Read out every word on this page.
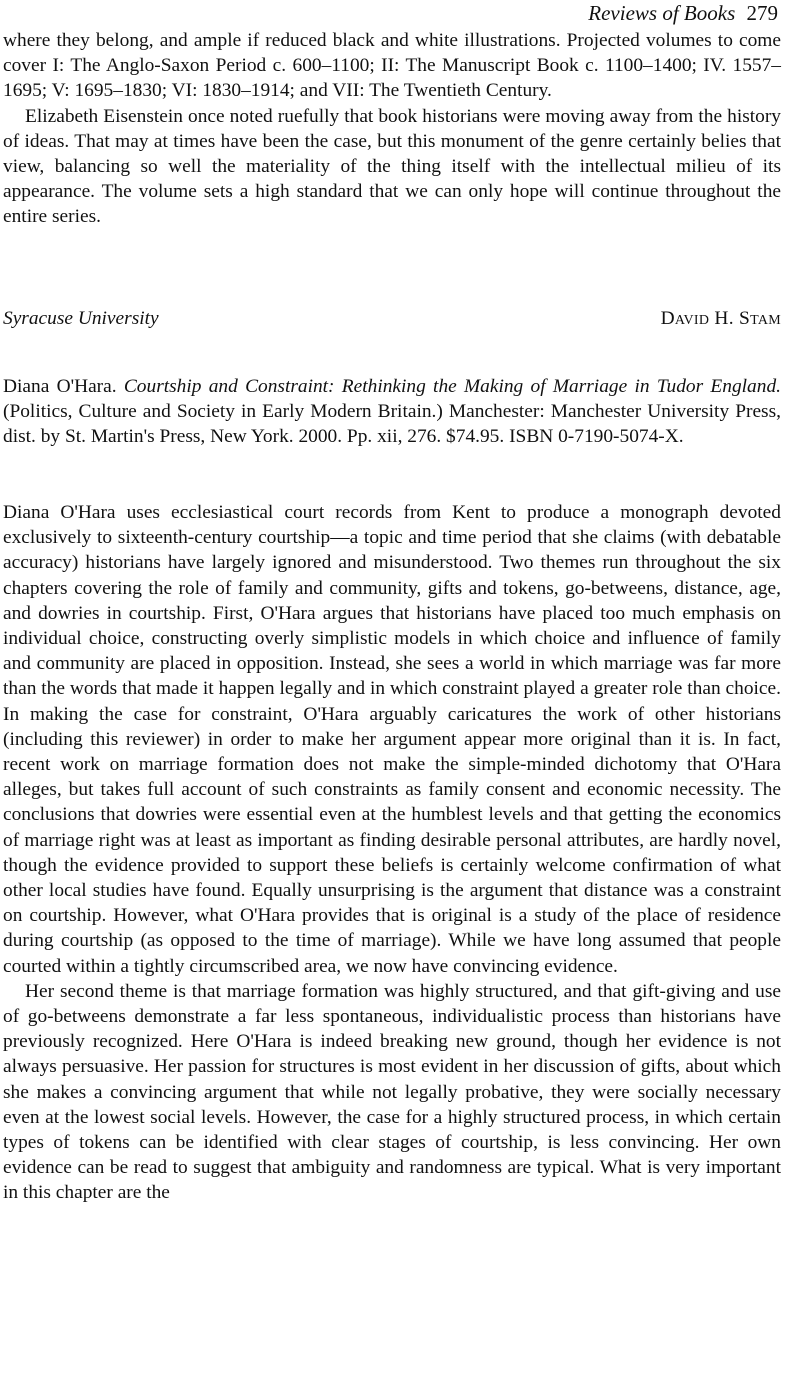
Reviews of Books 279

where they belong, and ample if reduced black and white illustrations. Projected volumes to come cover I: The Anglo-Saxon Period c. 600–1100; II: The Manuscript Book c. 1100–1400; IV. 1557–1695; V: 1695–1830; VI: 1830–1914; and VII: The Twentieth Century.

Elizabeth Eisenstein once noted ruefully that book historians were moving away from the history of ideas. That may at times have been the case, but this monument of the genre certainly belies that view, balancing so well the materiality of the thing itself with the intellectual milieu of its appearance. The volume sets a high standard that we can only hope will continue throughout the entire series.

Syracuse University	David H. Stam

Diana O'Hara. Courtship and Constraint: Rethinking the Making of Marriage in Tudor England. (Politics, Culture and Society in Early Modern Britain.) Manchester: Manchester University Press, dist. by St. Martin's Press, New York. 2000. Pp. xii, 276. $74.95. ISBN 0-7190-5074-X.

Diana O'Hara uses ecclesiastical court records from Kent to produce a monograph devoted exclusively to sixteenth-century courtship—a topic and time period that she claims (with debatable accuracy) historians have largely ignored and misunderstood. Two themes run throughout the six chapters covering the role of family and community, gifts and tokens, go-betweens, distance, age, and dowries in courtship. First, O'Hara argues that historians have placed too much emphasis on individual choice, constructing overly simplistic models in which choice and influence of family and community are placed in opposition. Instead, she sees a world in which marriage was far more than the words that made it happen legally and in which constraint played a greater role than choice. In making the case for constraint, O'Hara arguably caricatures the work of other historians (including this reviewer) in order to make her argument appear more original than it is. In fact, recent work on marriage formation does not make the simple-minded dichotomy that O'Hara alleges, but takes full account of such constraints as family consent and economic necessity. The conclusions that dowries were essential even at the humblest levels and that getting the economics of marriage right was at least as important as finding desirable personal attributes, are hardly novel, though the evidence provided to support these beliefs is certainly welcome confirmation of what other local studies have found. Equally unsurprising is the argument that distance was a constraint on courtship. However, what O'Hara provides that is original is a study of the place of residence during courtship (as opposed to the time of marriage). While we have long assumed that people courted within a tightly circumscribed area, we now have convincing evidence.

Her second theme is that marriage formation was highly structured, and that gift-giving and use of go-betweens demonstrate a far less spontaneous, individualistic process than historians have previously recognized. Here O'Hara is indeed breaking new ground, though her evidence is not always persuasive. Her passion for structures is most evident in her discussion of gifts, about which she makes a convincing argument that while not legally probative, they were socially necessary even at the lowest social levels. However, the case for a highly structured process, in which certain types of tokens can be identified with clear stages of courtship, is less convincing. Her own evidence can be read to suggest that ambiguity and randomness are typical. What is very important in this chapter are the
